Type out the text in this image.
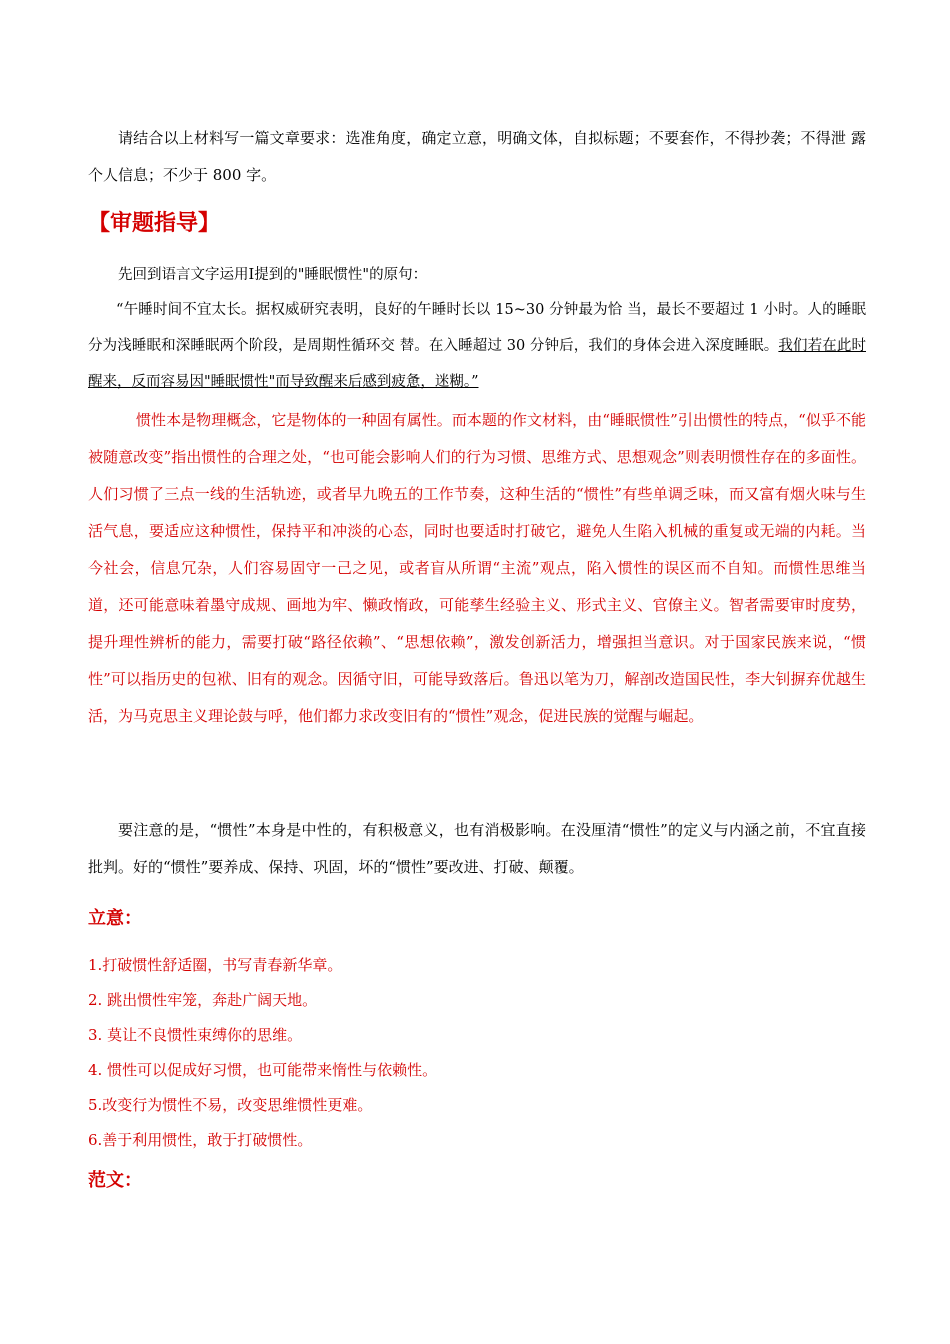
请结合以上材料写一篇文章要求：选准角度，确定立意，明确文体，自拟标题；不要套作，不得抄袭；不得泄 露个人信息；不少于 800 字。

【审题指导】

先回到语言文字运用Ⅰ提到的"睡眠惯性"的原句：

“午睡时间不宜太长。据权威研究表明，良好的午睡时长以 15~30 分钟最为恰 当，最长不要超过 1 小时。人的睡眠分为浅睡眠和深睡眠两个阶段，是周期性循环交 替。在入睡超过 30 分钟后，我们的身体会进入深度睡眠。我们若在此时醒来，反而容易因"睡眠惯性"而导致醒来后感到疲惫，迷糊。”

惯性本是物理概念，它是物体的一种固有属性。而本题的作文材料，由“睡眠惯性”引出惯性的特点，“似乎不能被随意改变”指出惯性的合理之处，“也可能会影响人们的行为习惯、思维方式、思想观念”则表明惯性存在的多面性。人们习惯了三点一线的生活轨迹，或者早九晚五的工作节奏，这种生活的“惯性”有些单调乏味，而又富有烟火味与生活气息，要适应这种惯性，保持平和冲淡的心态，同时也要适时打破它，避免人生陷入机械的重复或无端的内耗。当今社会，信息冗杂，人们容易固守一己之见，或者盲从所谓“主流”观点，陷入惯性的误区而不自知。而惯性思维当道，还可能意味着墨守成规、画地为牢、懒政惰政，可能孳生经验主义、形式主义、官僚主义。智者需要审时度势，提升理性辨析的能力，需要打破“路径依赖”、“思想依赖”，激发创新活力，增强担当意识。对于国家民族来说，“惯性”可以指历史的包袱、旧有的观念。因循守旧，可能导致落后。鲁迅以笔为刀，解剖改造国民性，李大钊摒弃优越生活，为马克思主义理论鼓与呼，他们都力求改变旧有的“惯性”观念，促进民族的觉醒与崛起。

要注意的是，“惯性”本身是中性的，有积极意义，也有消极影响。在没厘清“惯性”的定义与内涵之前，不宜直接批判。好的“惯性”要养成、保持、巩固，坏的“惯性”要改进、打破、颠覆。

立意：
1.打破惯性舒适圈，书写青春新华章。
2. 跳出惯性牢笼，奔赴广阔天地。
3. 莫让不良惯性束缚你的思维。
4. 惯性可以促成好习惯，也可能带来惰性与依赖性。
5.改变行为惯性不易，改变思维惯性更难。
6.善于利用惯性，敢于打破惯性。
范文：
